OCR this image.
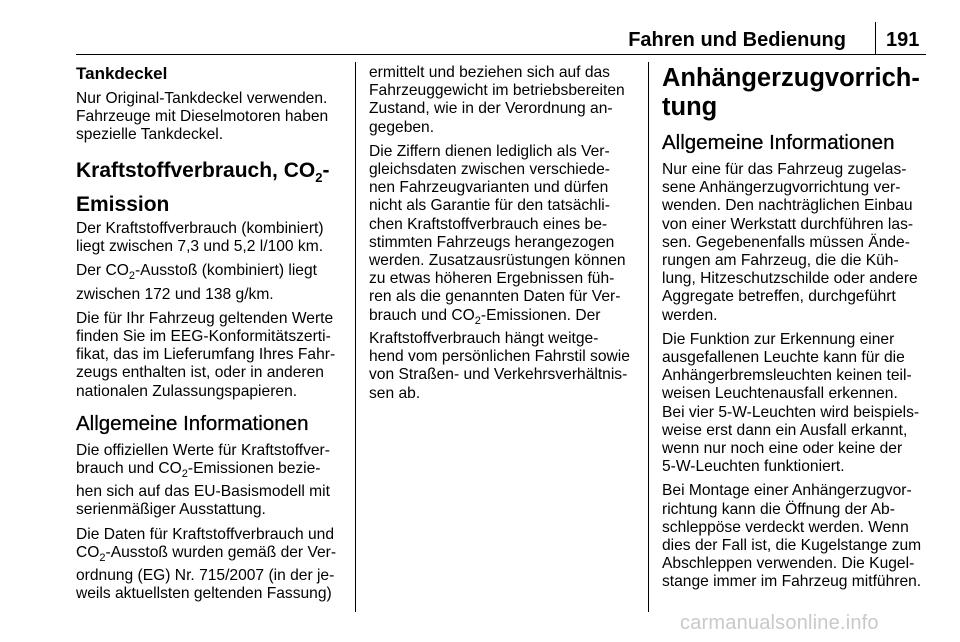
Fahren und Bedienung 191
Tankdeckel

Nur Original-Tankdeckel verwenden.
Fahrzeuge mit Dieselmotoren haben
spezielle Tankdeckel.

Kraftstoffverbrauch, $CO_2-$
Emission

Der Kraftstoffverbrauch (kombiniert)
liegt zwischen 7,3 und 5,2 l/100 km.

Der $CO_2$-Ausstoß (kombiniert) liegt
zwischen 172 und 138 g/km.

Die für Ihr Fahrzeug geltenden Werte
finden Sie im EEG-Konformitätszerti-
fikat, das im Lieferumfang Ihres Fahr-
zeugs enthalten ist, oder in anderen
nationalen Zulassungspapieren.

Allgemeine Informationen

Die offiziellen Werte für Kraftstoffver-
brauch und $CO_2$-Emissionen bezie-
hen sich auf das EU-Basismodell mit
serienmäßiger Ausstattung.

Die Daten für Kraftstoffverbrauch und
$CO_2$-Ausstoß wurden gemäß der Ver-
ordnung (EG) Nr. 715/2007 (in der je-
weils aktuellsten geltenden Fassung)

ermittelt und beziehen sich auf das
Fahrzeuggewicht im betriebsbereiten
Zustand, wie in der Verordnung an-
gegeben.

Die Ziffern dienen lediglich als Ver-
gleichsdaten zwischen verschiede-
nen Fahrzeugvarianten und dürfen
nicht als Garantie für den tatsächli-
chen Kraftstoffverbrauch eines be-
stimmten Fahrzeugs herangezogen
werden. Zusatzausrüstungen können
zu etwas höheren Ergebnissen füh-
ren als die genannten Daten für Ver-
brauch und $CO_2$-Emissionen. Der
Kraftstoffverbrauch hängt weitge-
hend vom persönlichen Fahrstil sowie
von Straßen- und Verkehrsverhältnis-
sen ab.

Anhängerzugvorrich-
tung
Allgemeine Informationen

Nur eine für das Fahrzeug zugelas-
sene Anhängerzugvorrichtung ver-
wenden. Den nachträglichen Einbau
von einer Werkstatt durchführen las-
sen. Gegebenenfalls müssen Ände-
rungen am Fahrzeug, die die Küh-
lung, Hitzeschutzschilde oder andere
Aggregate betreffen, durchgeführt
werden.

Die Funktion zur Erkennung einer
ausgefallenen Leuchte kann für die
Anhängerbremsleuchten keinen teil-
weisen Leuchtenausfall erkennen.
Bei vier 5-W-Leuchten wird beispiels-
weise erst dann ein Ausfall erkannt,
wenn nur noch eine oder keine der
5-W-Leuchten funktioniert.

Bei Montage einer Anhängerzugvor-
richtung kann die Öffnung der Ab-
schleppöse verdeckt werden. Wenn
dies der Fall ist, die Kugelstange zum
Abschleppen verwenden. Die Kugel-
stange immer im Fahrzeug mitführen.

carmanualsonline.info
